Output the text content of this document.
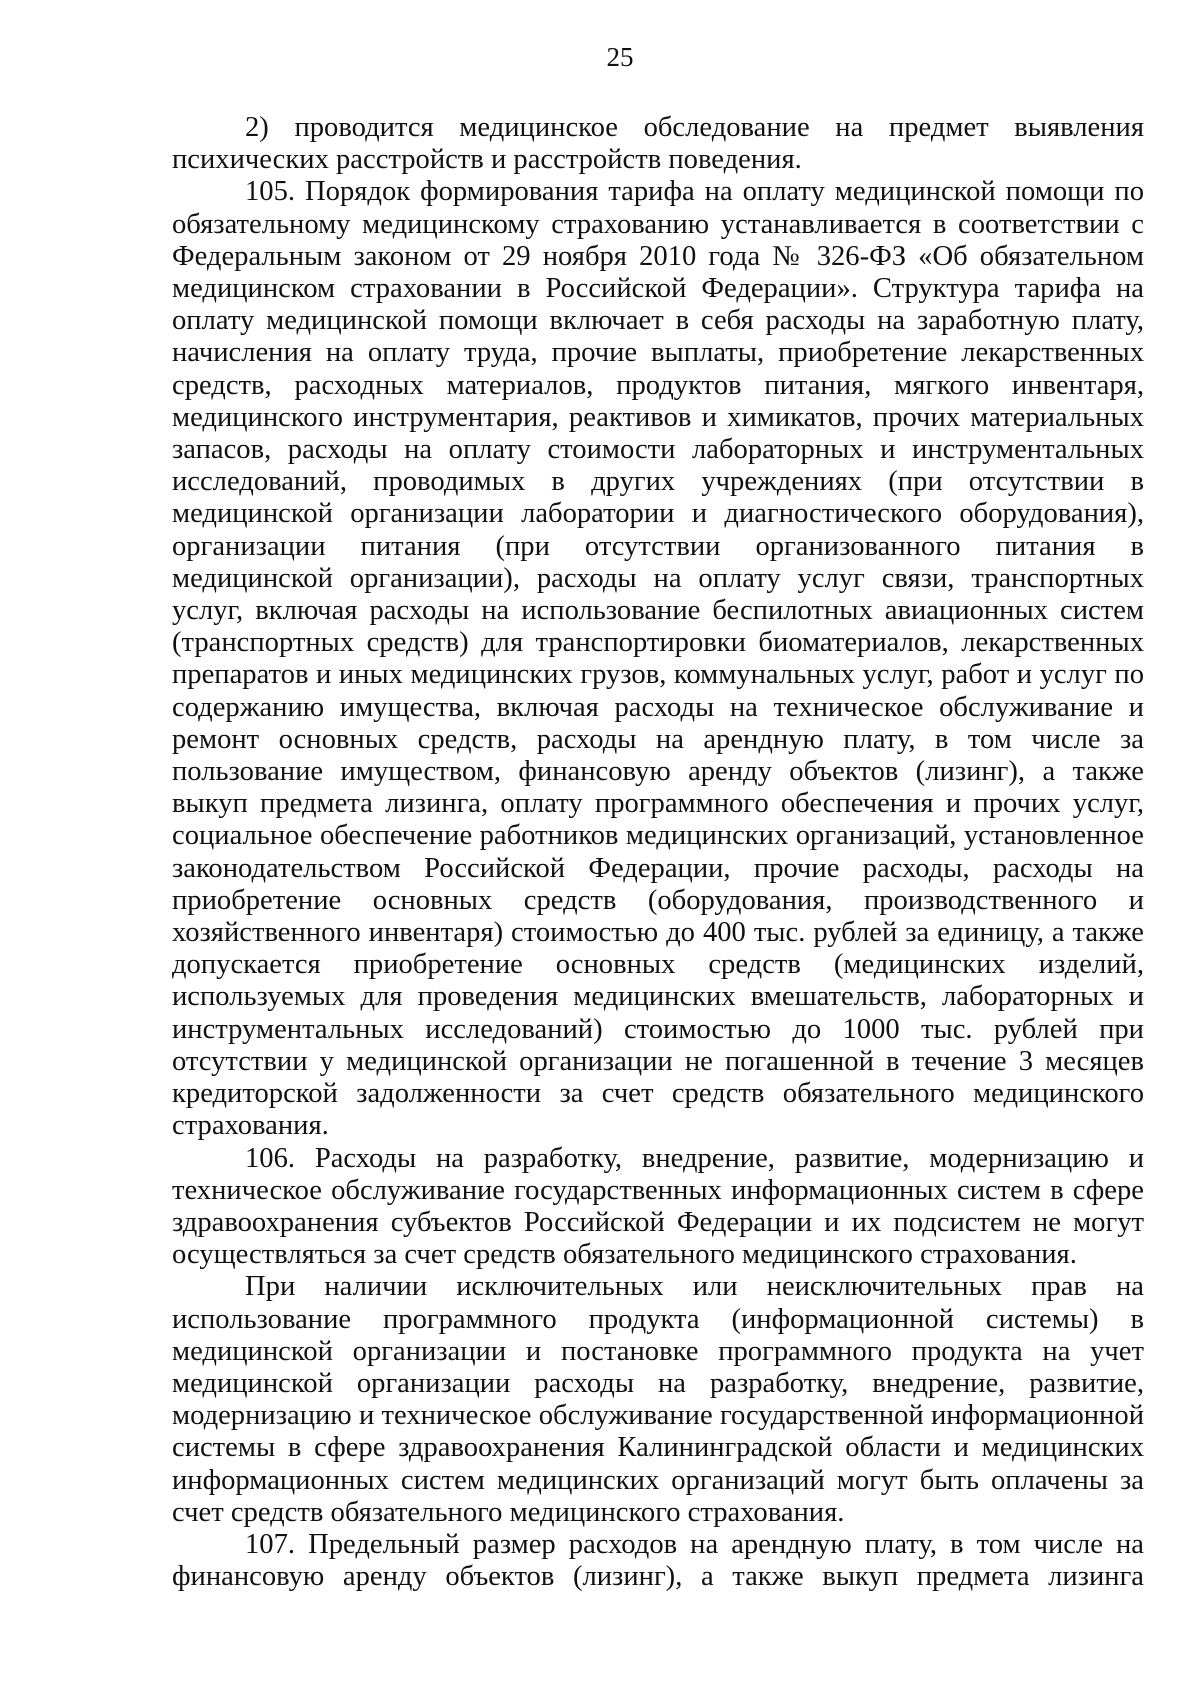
25

2) проводится медицинское обследование на предмет выявления психических расстройств и расстройств поведения.

105. Порядок формирования тарифа на оплату медицинской помощи по обязательному медицинскому страхованию устанавливается в соответствии с Федеральным законом от 29 ноября 2010 года № 326-ФЗ «Об обязательном медицинском страховании в Российской Федерации». Структура тарифа на оплату медицинской помощи включает в себя расходы на заработную плату, начисления на оплату труда, прочие выплаты, приобретение лекарственных средств, расходных материалов, продуктов питания, мягкого инвентаря, медицинского инструментария, реактивов и химикатов, прочих материальных запасов, расходы на оплату стоимости лабораторных и инструментальных исследований, проводимых в других учреждениях (при отсутствии в медицинской организации лаборатории и диагностического оборудования), организации питания (при отсутствии организованного питания в медицинской организации), расходы на оплату услуг связи, транспортных услуг, включая расходы на использование беспилотных авиационных систем (транспортных средств) для транспортировки биоматериалов, лекарственных препаратов и иных медицинских грузов, коммунальных услуг, работ и услуг по содержанию имущества, включая расходы на техническое обслуживание и ремонт основных средств, расходы на арендную плату, в том числе за пользование имуществом, финансовую аренду объектов (лизинг), а также выкуп предмета лизинга, оплату программного обеспечения и прочих услуг, социальное обеспечение работников медицинских организаций, установленное законодательством Российской Федерации, прочие расходы, расходы на приобретение основных средств (оборудования, производственного и хозяйственного инвентаря) стоимостью до 400 тыс. рублей за единицу, а также допускается приобретение основных средств (медицинских изделий, используемых для проведения медицинских вмешательств, лабораторных и инструментальных исследований) стоимостью до 1000 тыс. рублей при отсутствии у медицинской организации не погашенной в течение 3 месяцев кредиторской задолженности за счет средств обязательного медицинского страхования.

106. Расходы на разработку, внедрение, развитие, модернизацию и техническое обслуживание государственных информационных систем в сфере здравоохранения субъектов Российской Федерации и их подсистем не могут осуществляться за счет средств обязательного медицинского страхования.

При наличии исключительных или неисключительных прав на использование программного продукта (информационной системы) в медицинской организации и постановке программного продукта на учет медицинской организации расходы на разработку, внедрение, развитие, модернизацию и техническое обслуживание государственной информационной системы в сфере здравоохранения Калининградской области и медицинских информационных систем медицинских организаций могут быть оплачены за счет средств обязательного медицинского страхования.

107. Предельный размер расходов на арендную плату, в том числе на финансовую аренду объектов (лизинг), а также выкуп предмета лизинга
